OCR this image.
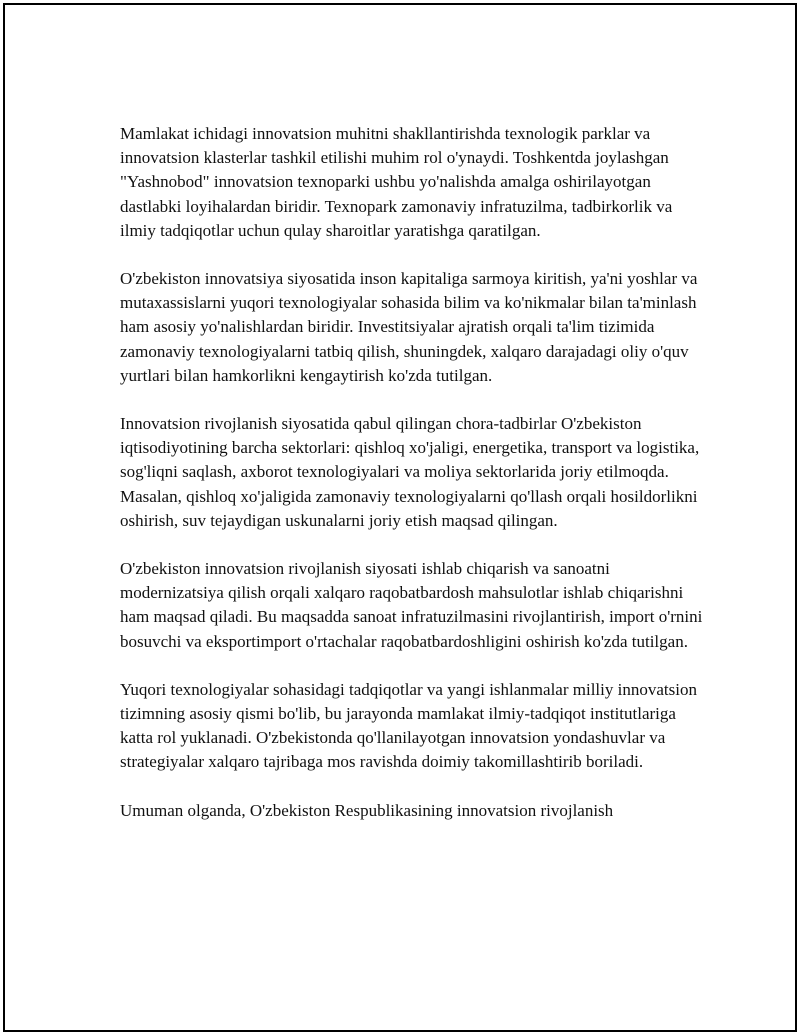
Mamlakat ichidagi innovatsion muhitni shakllantirishda texnologik parklar va innovatsion klasterlar tashkil etilishi muhim rol o'ynaydi. Toshkentda joylashgan "Yashnobod" innovatsion texnoparki ushbu yo'nalishda amalga oshirilayotgan dastlabki loyihalardan biridir. Texnopark zamonaviy infratuzilma, tadbirkorlik va ilmiy tadqiqotlar uchun qulay sharoitlar yaratishga qaratilgan.

O'zbekiston innovatsiya siyosatida inson kapitaliga sarmoya kiritish, ya'ni yoshlar va mutaxassislarni yuqori texnologiyalar sohasida bilim va ko'nikmalar bilan ta'minlash ham asosiy yo'nalishlardan biridir. Investitsiyalar ajratish orqali ta'lim tizimida zamonaviy texnologiyalarni tatbiq qilish, shuningdek, xalqaro darajadagi oliy o'quv yurtlari bilan hamkorlikni kengaytirish ko'zda tutilgan.

Innovatsion rivojlanish siyosatida qabul qilingan chora-tadbirlar O'zbekiston iqtisodiyotining barcha sektorlari: qishloq xo'jaligi, energetika, transport va logistika, sog'liqni saqlash, axborot texnologiyalari va moliya sektorlarida joriy etilmoqda. Masalan, qishloq xo'jaligida zamonaviy texnologiyalarni qo'llash orqali hosildorlikni oshirish, suv tejaydigan uskunalarni joriy etish maqsad qilingan.

O'zbekiston innovatsion rivojlanish siyosati ishlab chiqarish va sanoatni modernizatsiya qilish orqali xalqaro raqobatbardosh mahsulotlar ishlab chiqarishni ham maqsad qiladi. Bu maqsadda sanoat infratuzilmasini rivojlantirish, import o'rnini bosuvchi va eksportimport o'rtachalar raqobatbardoshligini oshirish ko'zda tutilgan.

Yuqori texnologiyalar sohasidagi tadqiqotlar va yangi ishlanmalar milliy innovatsion tizimning asosiy qismi bo'lib, bu jarayonda mamlakat ilmiy-tadqiqot institutlariga katta rol yuklanadi. O'zbekistonda qo'llanilayotgan innovatsion yondashuvlar va strategiyalar xalqaro tajribaga mos ravishda doimiy takomillashtirib boriladi.

Umuman olganda, O'zbekiston Respublikasining innovatsion rivojlanish
